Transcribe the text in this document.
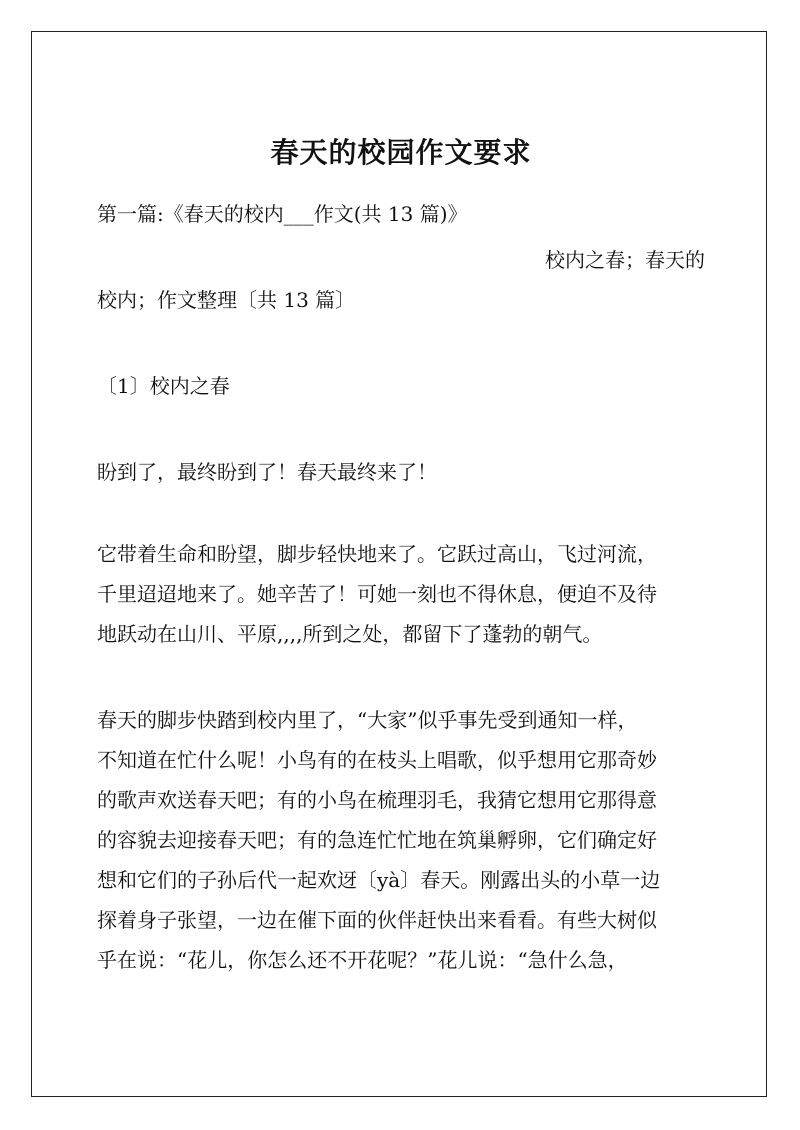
春天的校园作文要求

第一篇:《春天的校内___作文(共 13 篇)》

校内之春；春天的

校内；作文整理〔共 13 篇〕

〔1〕校内之春

盼到了，最终盼到了！春天最终来了！

它带着生命和盼望，脚步轻快地来了。它跃过高山，飞过河流，
千里迢迢地来了。她辛苦了！可她一刻也不得休息，便迫不及待
地跃动在山川、平原,,,,所到之处，都留下了蓬勃的朝气。
春天的脚步快踏到校内里了，“大家”似乎事先受到通知一样，
不知道在忙什么呢！小鸟有的在枝头上唱歌，似乎想用它那奇妙
的歌声欢送春天吧；有的小鸟在梳理羽毛，我猜它想用它那得意
的容貌去迎接春天吧；有的急连忙忙地在筑巢孵卵，它们确定好
想和它们的子孙后代一起欢迓〔yà〕春天。刚露出头的小草一边
探着身子张望，一边在催下面的伙伴赶快出来看看。有些大树似
乎在说：“花儿，你怎么还不开花呢？”花儿说：“急什么急，
